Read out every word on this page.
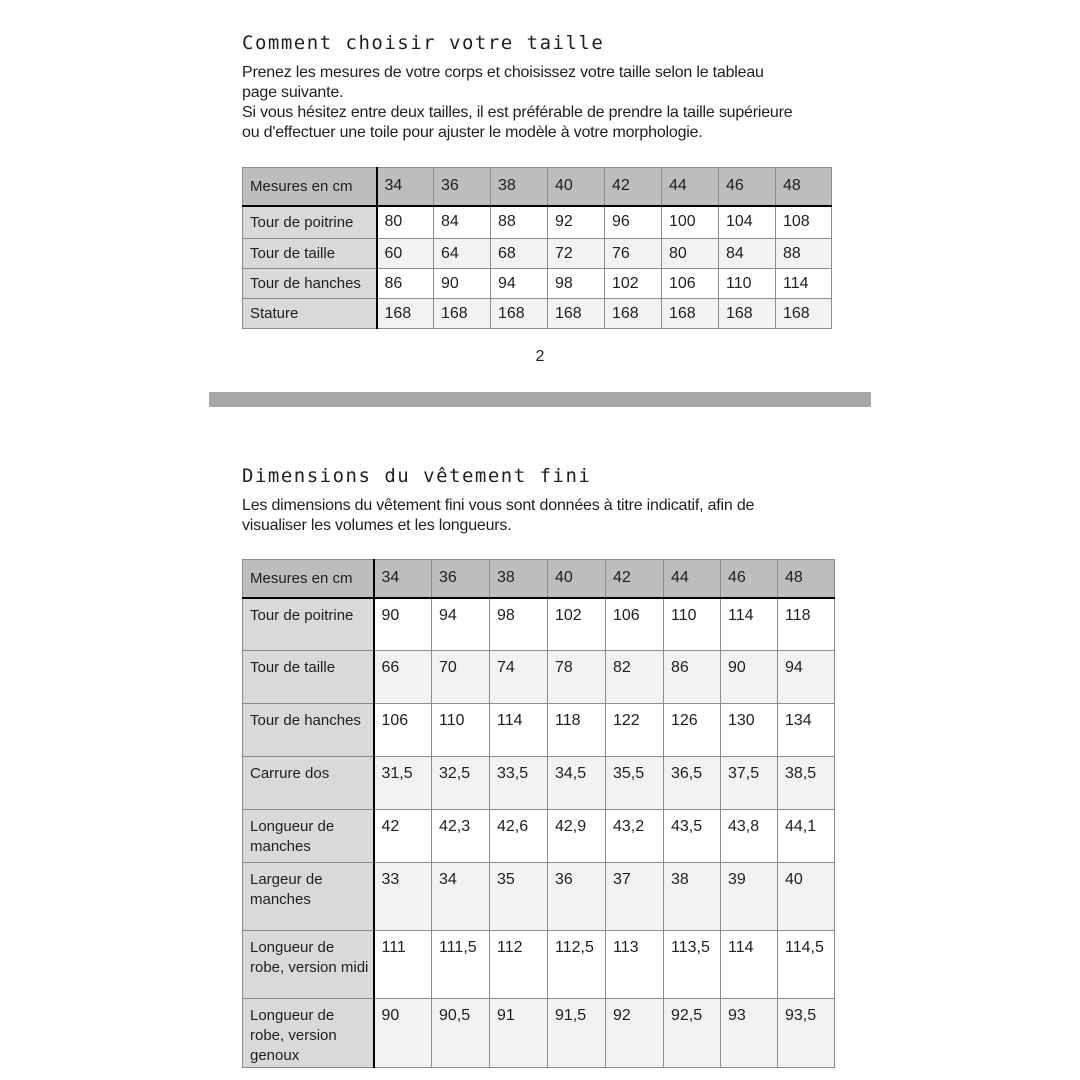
Comment choisir votre taille

Prenez les mesures de votre corps et choisissez votre taille selon le tableau

page suivante.

Si vous hésitez entre deux tailles, il est préférable de prendre la taille supérieure

ou d'effectuer une toile pour ajuster le modèle à votre morphologie.

Mesures en cm	34	36	38	40	42	44	46	48
Tour de poitrine	80	84	88	92	96	100	104	108
Tour de taille	60	64	68	72	76	80	84	88
Tour de hanches	86	90	94	98	102	106	110	114
Stature	168	168	168	168	168	168	168	168
2
Dimensions du vêtement fini

Les dimensions du vêtement fini vous sont données à titre indicatif, afin de

visualiser les volumes et les longueurs.

Mesures en cm	34	36	38	40	42	44	46	48
Tour de poitrine	90	94	98	102	106	110	114	118
Tour de taille	66	70	74	78	82	86	90	94
Tour de hanches	106	110	114	118	122	126	130	134
Carrure dos	31,5	32,5	33,5	34,5	35,5	36,5	37,5	38,5
Longueur de manches	42	42,3	42,6	42,9	43,2	43,5	43,8	44,1
Largeur de manches	33	34	35	36	37	38	39	40
Longueur de robe, version midi	111	111,5	112	112,5	113	113,5	114	114,5
Longueur de robe, version genoux	90	90,5	91	91,5	92	92,5	93	93,5
